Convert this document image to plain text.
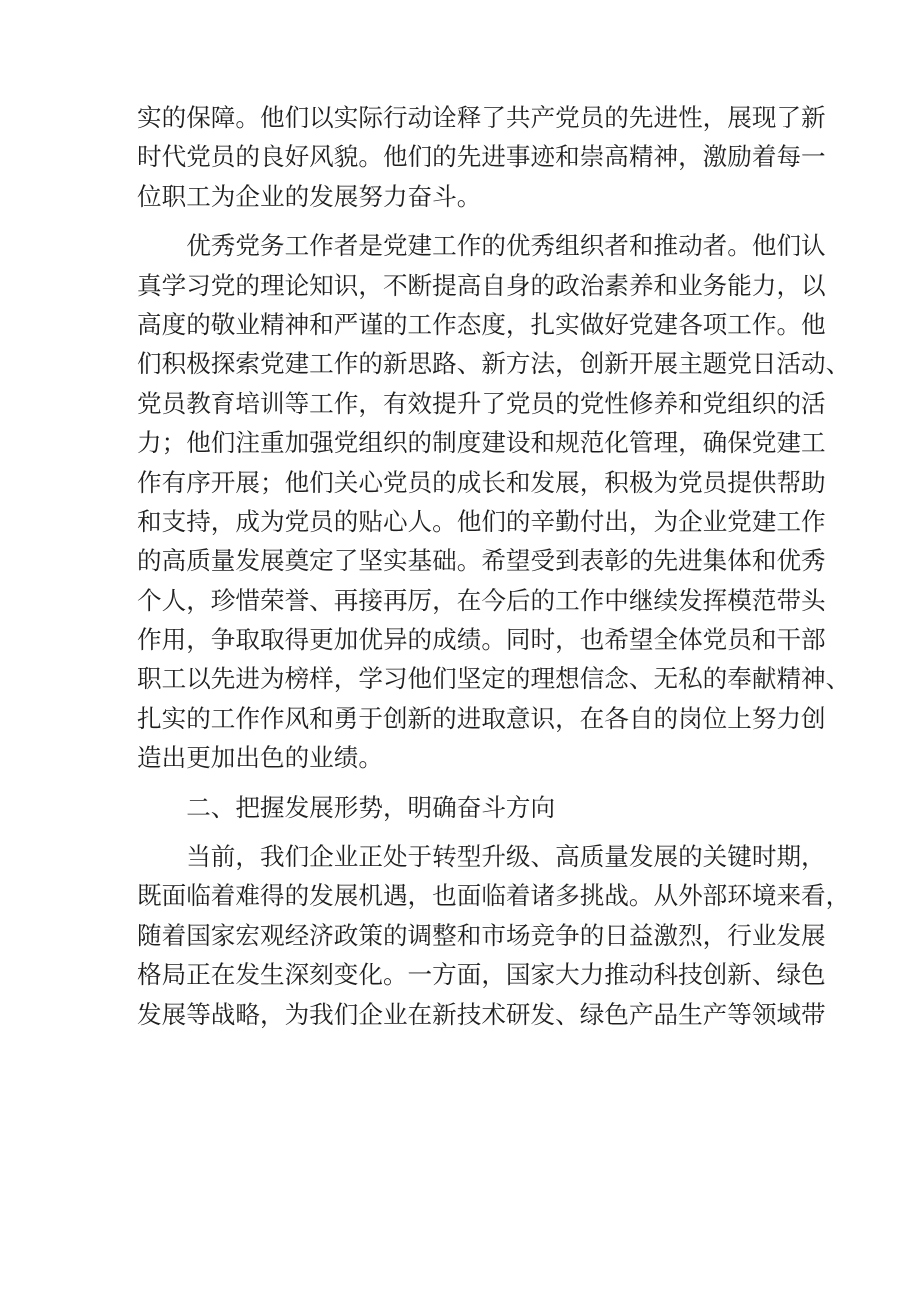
实的保障。他们以实际行动诠释了共产党员的先进性，展现了新
时代党员的良好风貌。他们的先进事迹和崇高精神，激励着每一
位职工为企业的发展努力奋斗。
　　优秀党务工作者是党建工作的优秀组织者和推动者。他们认
真学习党的理论知识，不断提高自身的政治素养和业务能力，以
高度的敬业精神和严谨的工作态度，扎实做好党建各项工作。他
们积极探索党建工作的新思路、新方法，创新开展主题党日活动、
党员教育培训等工作，有效提升了党员的党性修养和党组织的活
力；他们注重加强党组织的制度建设和规范化管理，确保党建工
作有序开展；他们关心党员的成长和发展，积极为党员提供帮助
和支持，成为党员的贴心人。他们的辛勤付出，为企业党建工作
的高质量发展奠定了坚实基础。希望受到表彰的先进集体和优秀
个人，珍惜荣誉、再接再厉，在今后的工作中继续发挥模范带头
作用，争取取得更加优异的成绩。同时，也希望全体党员和干部
职工以先进为榜样，学习他们坚定的理想信念、无私的奉献精神、
扎实的工作作风和勇于创新的进取意识，在各自的岗位上努力创
造出更加出色的业绩。
　　二、把握发展形势，明确奋斗方向
　　当前，我们企业正处于转型升级、高质量发展的关键时期，
既面临着难得的发展机遇，也面临着诸多挑战。从外部环境来看，
随着国家宏观经济政策的调整和市场竞争的日益激烈，行业发展
格局正在发生深刻变化。一方面，国家大力推动科技创新、绿色
发展等战略，为我们企业在新技术研发、绿色产品生产等领域带
